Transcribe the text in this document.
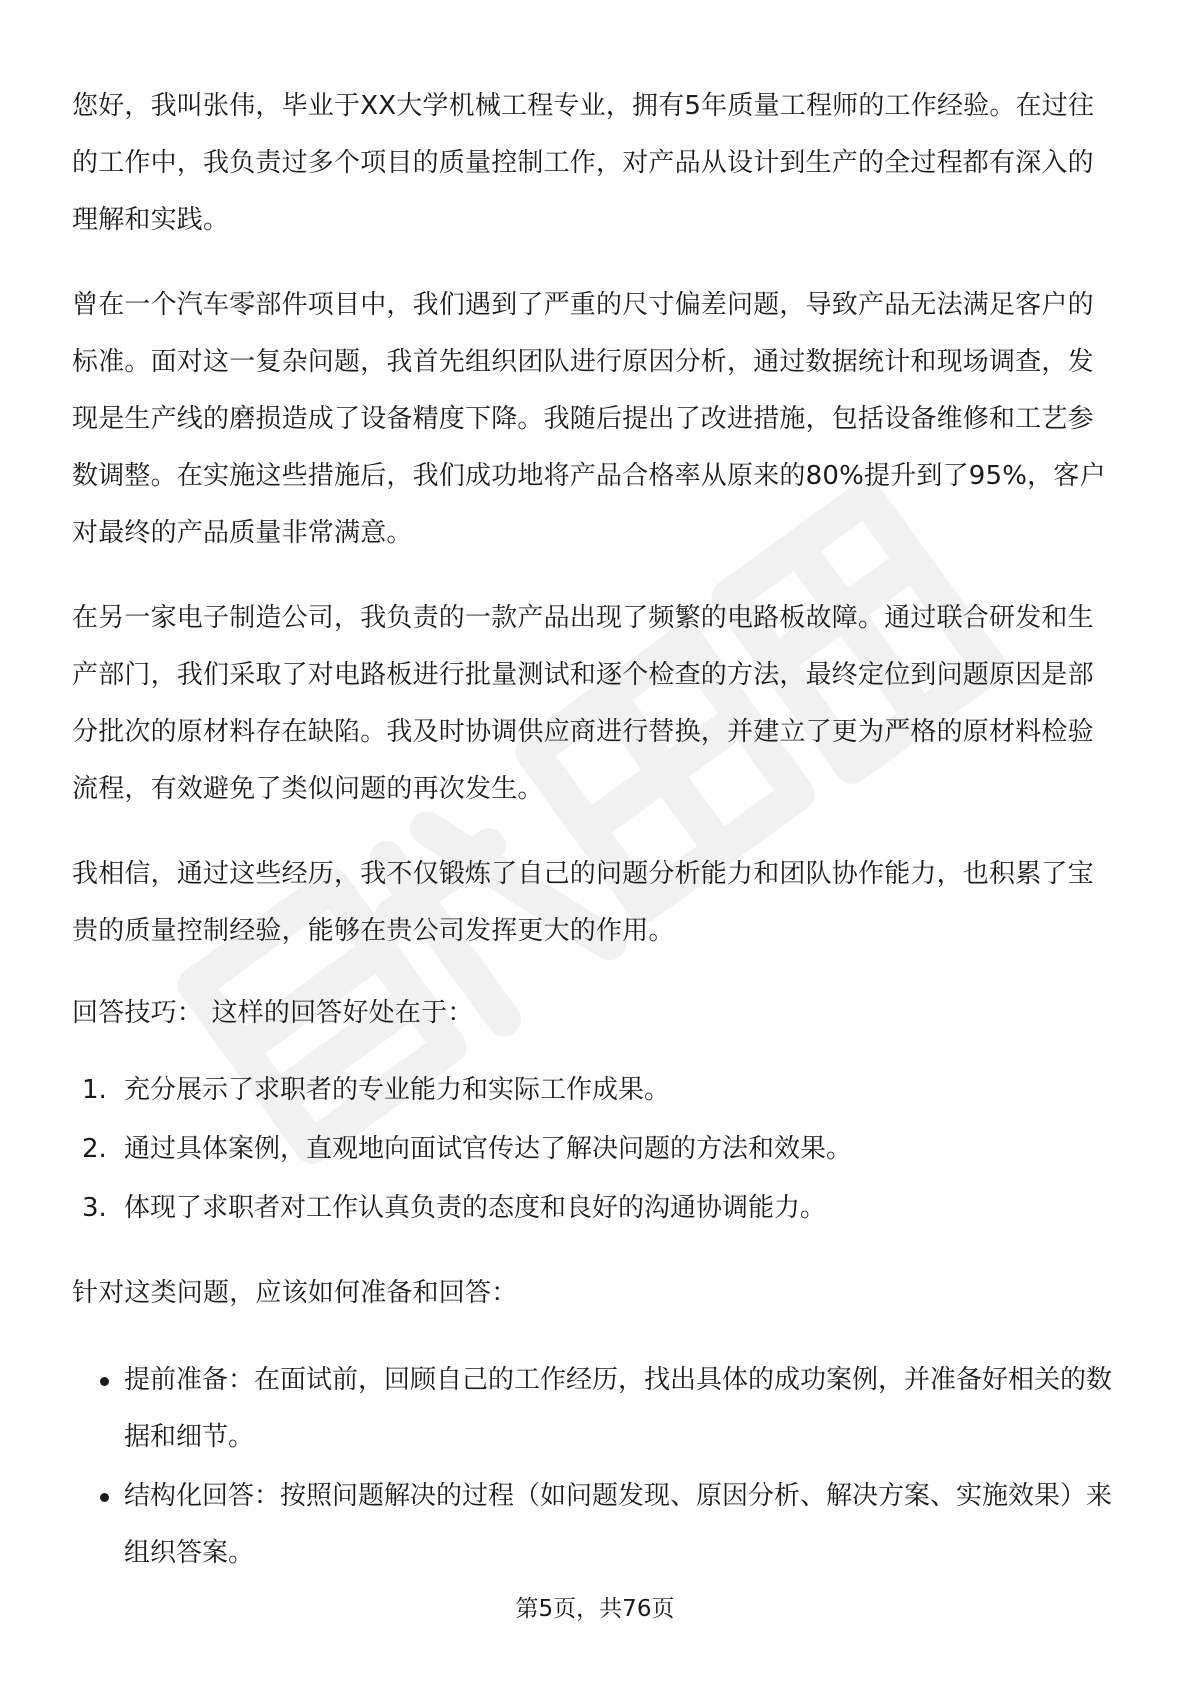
您好，我叫张伟，毕业于XX大学机械工程专业，拥有5年质量工程师的工作经验。在过往的工作中，我负责过多个项目的质量控制工作，对产品从设计到生产的全过程都有深入的理解和实践。

曾在一个汽车零部件项目中，我们遇到了严重的尺寸偏差问题，导致产品无法满足客户的标准。面对这一复杂问题，我首先组织团队进行原因分析，通过数据统计和现场调查，发现是生产线的磨损造成了设备精度下降。我随后提出了改进措施，包括设备维修和工艺参数调整。在实施这些措施后，我们成功地将产品合格率从原来的80%提升到了95%，客户对最终的产品质量非常满意。

在另一家电子制造公司，我负责的一款产品出现了频繁的电路板故障。通过联合研发和生产部门，我们采取了对电路板进行批量测试和逐个检查的方法，最终定位到问题原因是部分批次的原材料存在缺陷。我及时协调供应商进行替换，并建立了更为严格的原材料检验流程，有效避免了类似问题的再次发生。

我相信，通过这些经历，我不仅锻炼了自己的问题分析能力和团队协作能力，也积累了宝贵的质量控制经验，能够在贵公司发挥更大的作用。

回答技巧： 这样的回答好处在于：

1. 充分展示了求职者的专业能力和实际工作成果。
2. 通过具体案例，直观地向面试官传达了解决问题的方法和效果。
3. 体现了求职者对工作认真负责的态度和良好的沟通协调能力。

针对这类问题，应该如何准备和回答：

提前准备：在面试前，回顾自己的工作经历，找出具体的成功案例，并准备好相关的数据和细节。
结构化回答：按照问题解决的过程（如问题发现、原因分析、解决方案、实施效果）来组织答案。
第5页，共76页
